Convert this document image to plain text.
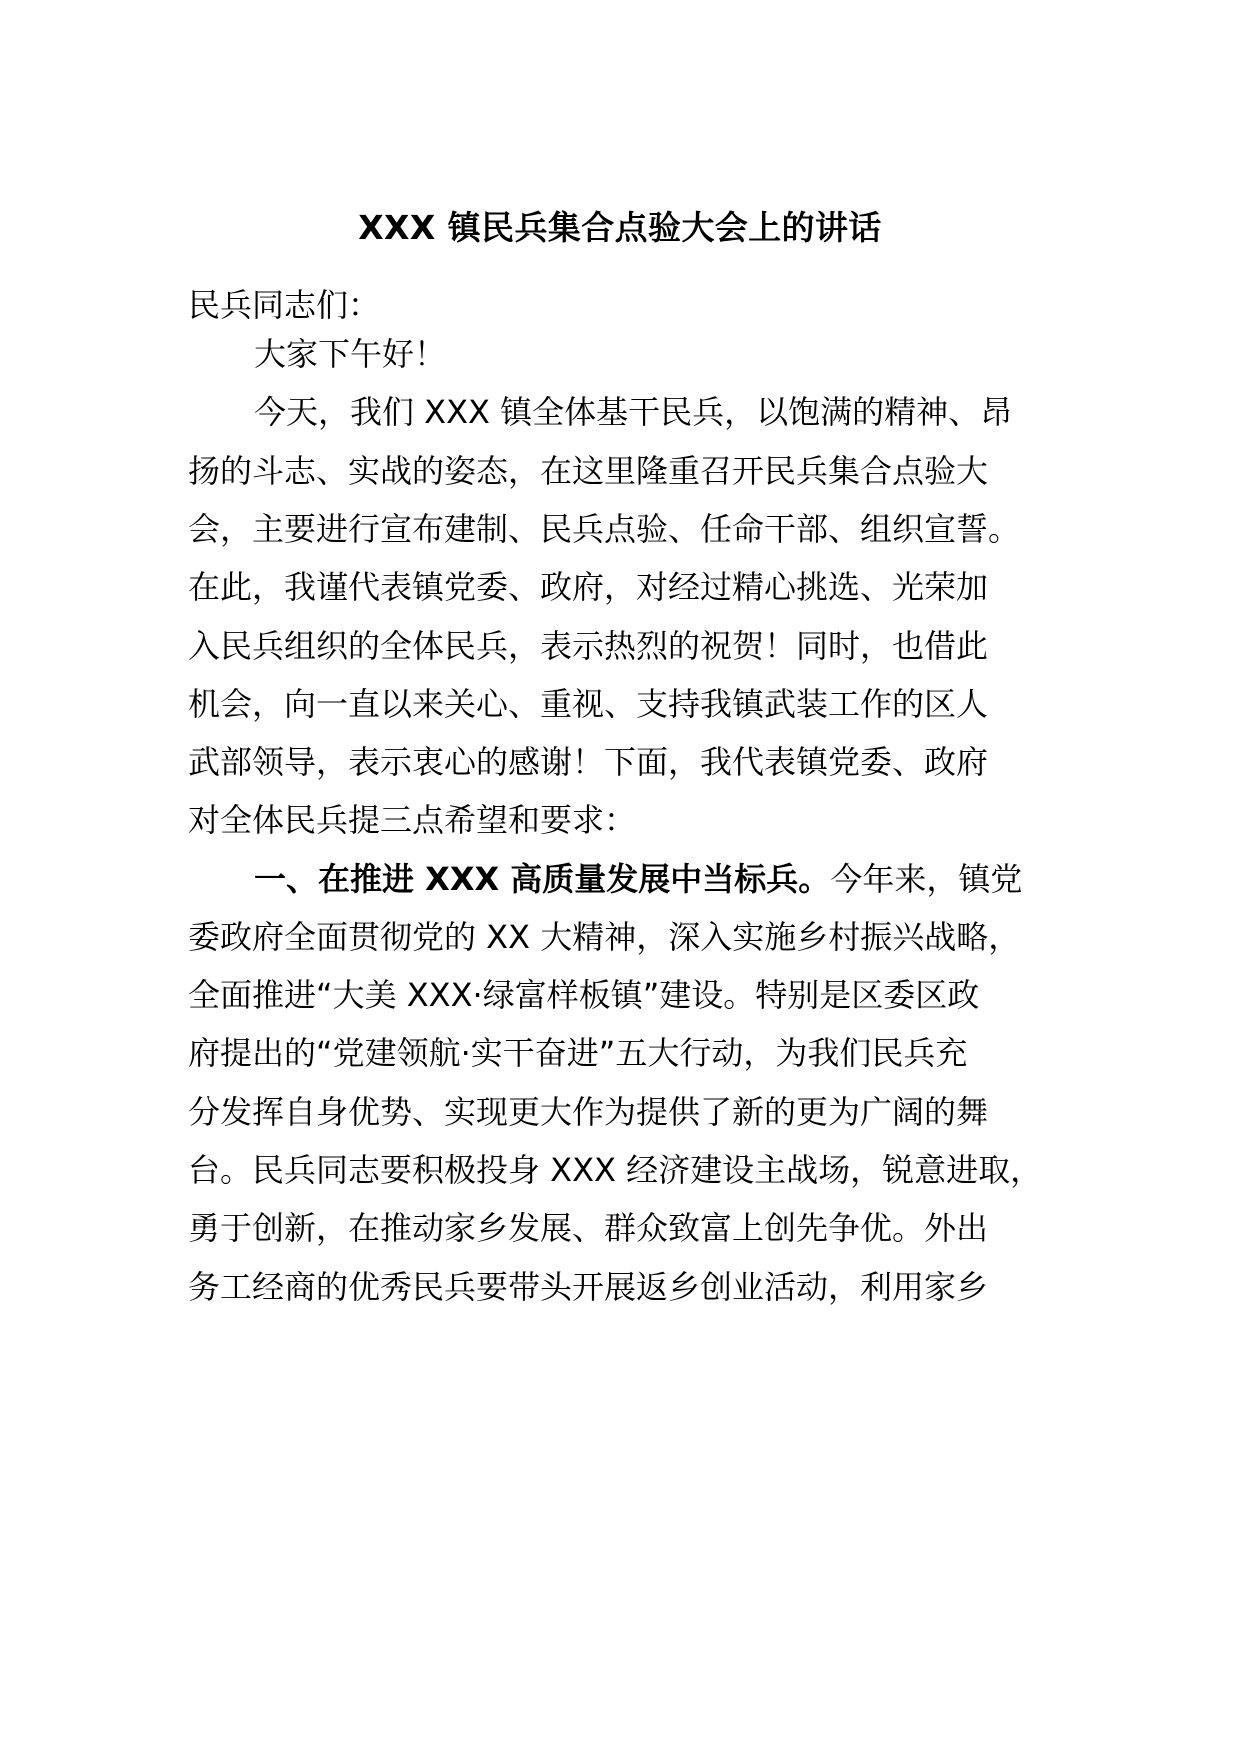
XXX 镇民兵集合点验大会上的讲话
民兵同志们：
大家下午好！
今天，我们 XXX 镇全体基干民兵，以饱满的精神、昂
扬的斗志、实战的姿态，在这里隆重召开民兵集合点验大
会，主要进行宣布建制、民兵点验、任命干部、组织宣誓。
在此，我谨代表镇党委、政府，对经过精心挑选、光荣加
入民兵组织的全体民兵，表示热烈的祝贺！同时，也借此
机会，向一直以来关心、重视、支持我镇武装工作的区人
武部领导，表示衷心的感谢！下面，我代表镇党委、政府
对全体民兵提三点希望和要求：
一、在推进 XXX 高质量发展中当标兵。今年来，镇党
委政府全面贯彻党的 XX 大精神，深入实施乡村振兴战略，
全面推进“大美 XXX·绿富样板镇”建设。特别是区委区政
府提出的“党建领航·实干奋进”五大行动，为我们民兵充
分发挥自身优势、实现更大作为提供了新的更为广阔的舞
台。民兵同志要积极投身 XXX 经济建设主战场，锐意进取，
勇于创新，在推动家乡发展、群众致富上创先争优。外出
务工经商的优秀民兵要带头开展返乡创业活动，利用家乡
